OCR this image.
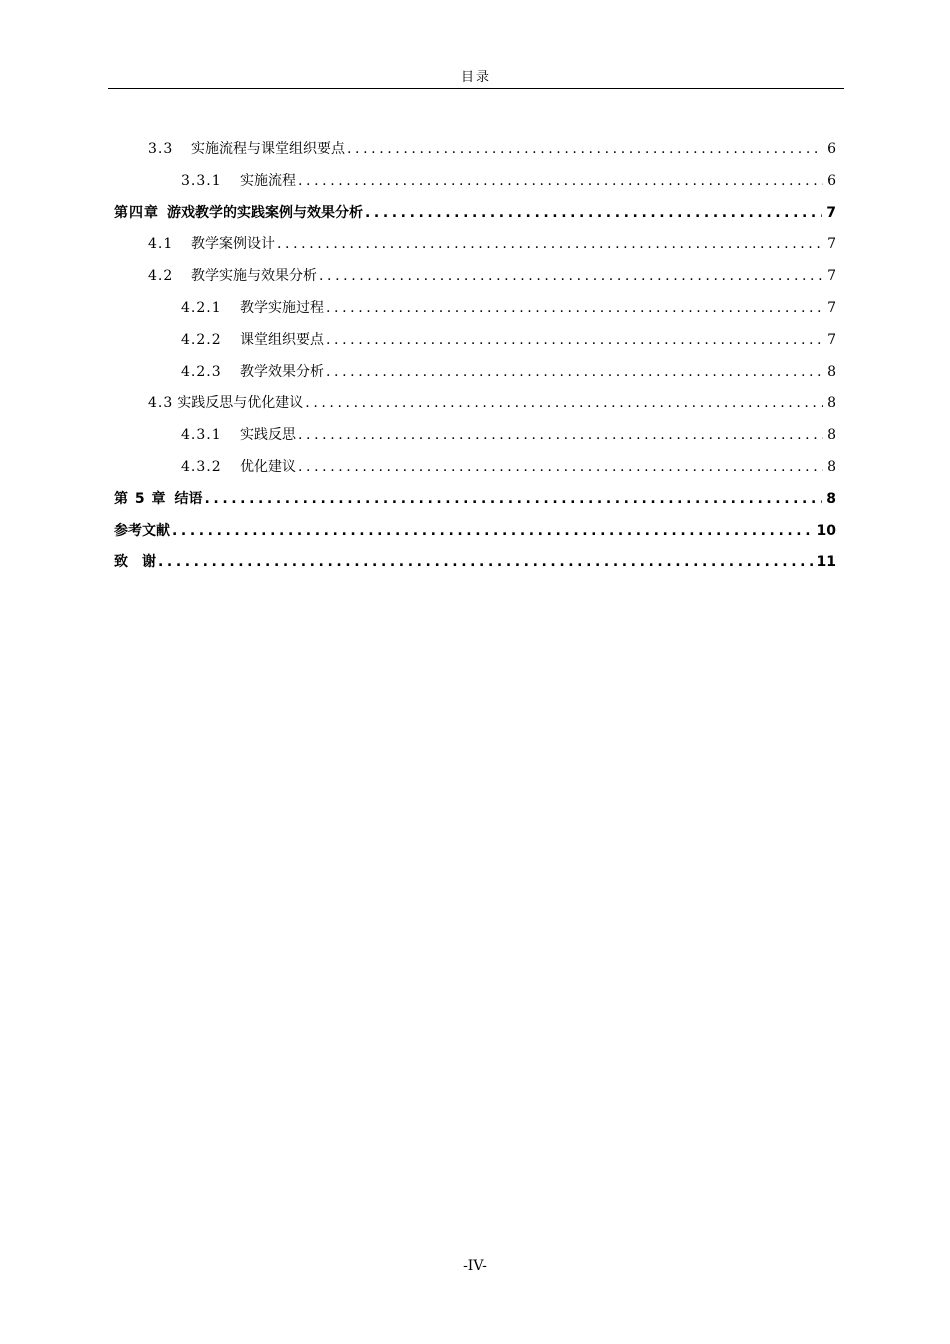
目录
3.3	实施流程与课堂组织要点 .....	6
3.3.1	实施流程 .....	6
第四章 游戏教学的实践案例与效果分析 .....	7
4.1	教学案例设计 .....	7
4.2	教学实施与效果分析 .....	7
4.2.1	教学实施过程 .....	7
4.2.2	课堂组织要点 .....	7
4.2.3	教学效果分析 .....	8
4.3 实践反思与优化建议 .....	8
4.3.1	实践反思 .....	8
4.3.2	优化建议 .....	8
第 5 章 结语 .....	8
参考文献 .....	10
致　谢 .....	11
-IV-
